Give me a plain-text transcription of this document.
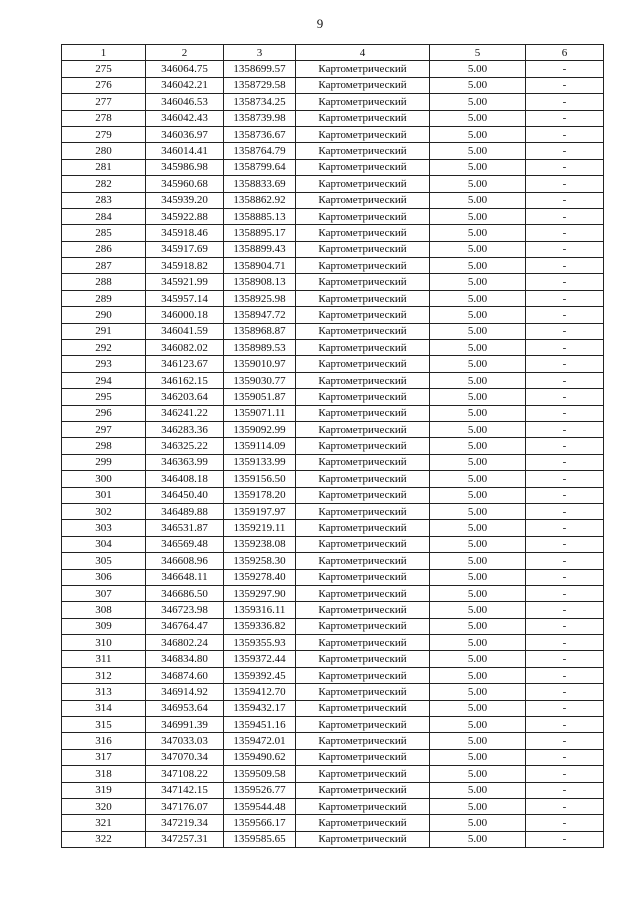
9
1	2	3	4	5	6
275	346064.75	1358699.57	Картометрический	5.00	-
276	346042.21	1358729.58	Картометрический	5.00	-
277	346046.53	1358734.25	Картометрический	5.00	-
278	346042.43	1358739.98	Картометрический	5.00	-
279	346036.97	1358736.67	Картометрический	5.00	-
280	346014.41	1358764.79	Картометрический	5.00	-
281	345986.98	1358799.64	Картометрический	5.00	-
282	345960.68	1358833.69	Картометрический	5.00	-
283	345939.20	1358862.92	Картометрический	5.00	-
284	345922.88	1358885.13	Картометрический	5.00	-
285	345918.46	1358895.17	Картометрический	5.00	-
286	345917.69	1358899.43	Картометрический	5.00	-
287	345918.82	1358904.71	Картометрический	5.00	-
288	345921.99	1358908.13	Картометрический	5.00	-
289	345957.14	1358925.98	Картометрический	5.00	-
290	346000.18	1358947.72	Картометрический	5.00	-
291	346041.59	1358968.87	Картометрический	5.00	-
292	346082.02	1358989.53	Картометрический	5.00	-
293	346123.67	1359010.97	Картометрический	5.00	-
294	346162.15	1359030.77	Картометрический	5.00	-
295	346203.64	1359051.87	Картометрический	5.00	-
296	346241.22	1359071.11	Картометрический	5.00	-
297	346283.36	1359092.99	Картометрический	5.00	-
298	346325.22	1359114.09	Картометрический	5.00	-
299	346363.99	1359133.99	Картометрический	5.00	-
300	346408.18	1359156.50	Картометрический	5.00	-
301	346450.40	1359178.20	Картометрический	5.00	-
302	346489.88	1359197.97	Картометрический	5.00	-
303	346531.87	1359219.11	Картометрический	5.00	-
304	346569.48	1359238.08	Картометрический	5.00	-
305	346608.96	1359258.30	Картометрический	5.00	-
306	346648.11	1359278.40	Картометрический	5.00	-
307	346686.50	1359297.90	Картометрический	5.00	-
308	346723.98	1359316.11	Картометрический	5.00	-
309	346764.47	1359336.82	Картометрический	5.00	-
310	346802.24	1359355.93	Картометрический	5.00	-
311	346834.80	1359372.44	Картометрический	5.00	-
312	346874.60	1359392.45	Картометрический	5.00	-
313	346914.92	1359412.70	Картометрический	5.00	-
314	346953.64	1359432.17	Картометрический	5.00	-
315	346991.39	1359451.16	Картометрический	5.00	-
316	347033.03	1359472.01	Картометрический	5.00	-
317	347070.34	1359490.62	Картометрический	5.00	-
318	347108.22	1359509.58	Картометрический	5.00	-
319	347142.15	1359526.77	Картометрический	5.00	-
320	347176.07	1359544.48	Картометрический	5.00	-
321	347219.34	1359566.17	Картометрический	5.00	-
322	347257.31	1359585.65	Картометрический	5.00	-
